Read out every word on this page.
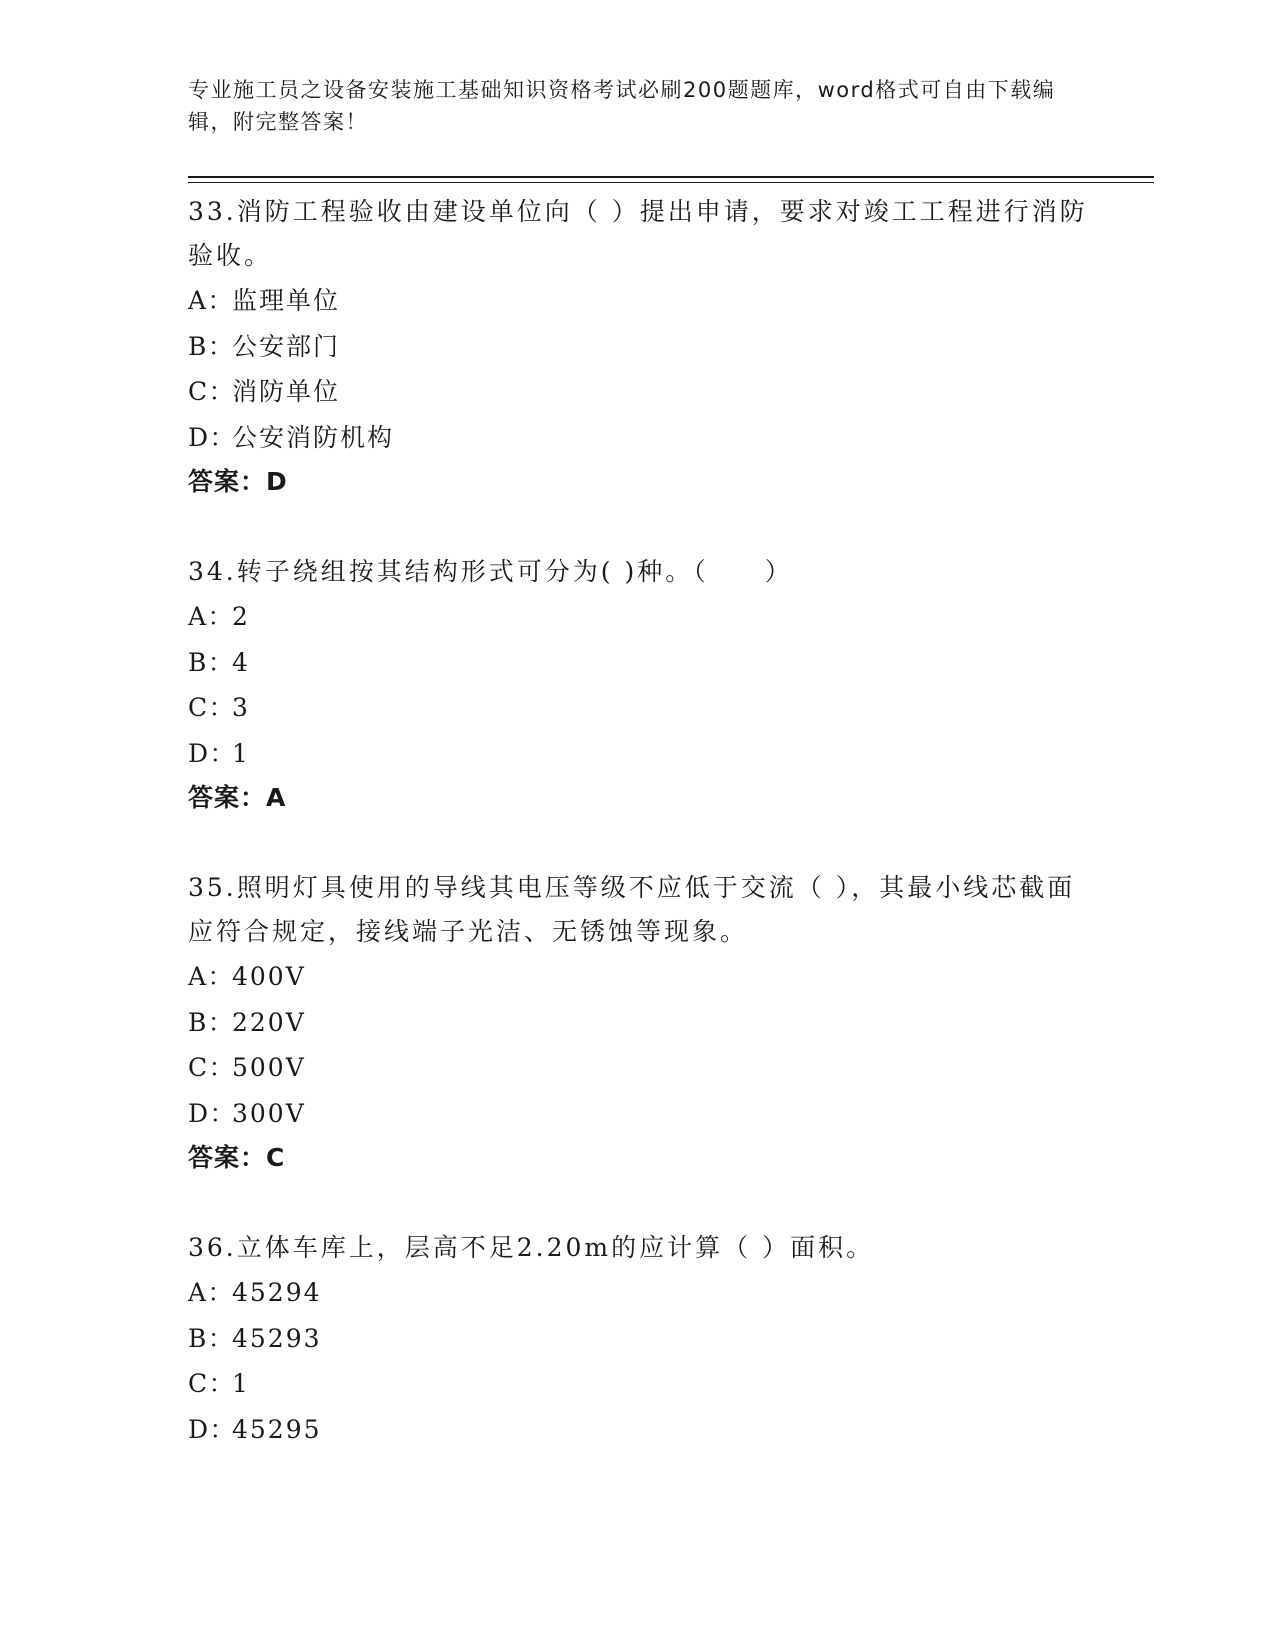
专业施工员之设备安装施工基础知识资格考试必刷200题题库，word格式可自由下载编辑，附完整答案！

33.消防工程验收由建设单位向（ ）提出申请，要求对竣工工程进行消防验收。

A：
监理单位
B：
公安部门
C：
消防单位
D：
公安消防机构
答案：D

34.转子绕组按其结构形式可分为( )种。（　　）

A：
2
B：
4
C：
3
D：
1
答案：A

35.照明灯具使用的导线其电压等级不应低于交流（ ），其最小线芯截面应符合规定，接线端子光洁、无锈蚀等现象。

A：
400V
B：
220V
C：
500V
D：
300V
答案：C

36.立体车库上，层高不足2.20m的应计算（ ）面积。

A：
45294
B：
45293
C：
1
D：
45295
